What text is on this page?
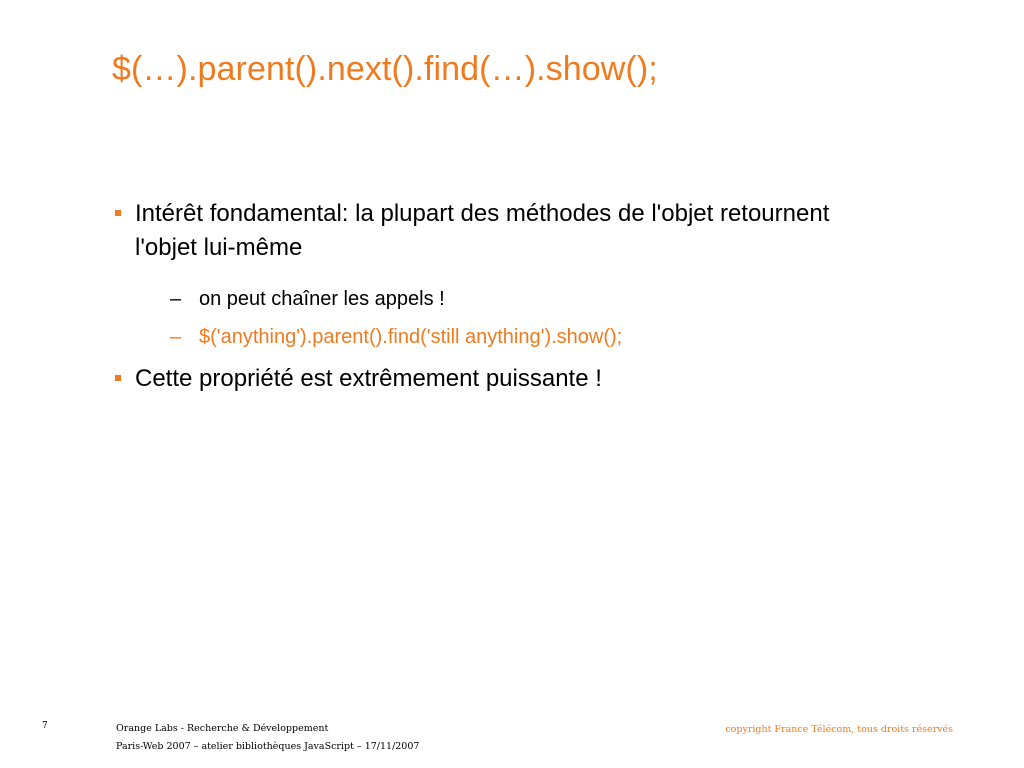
$(…).parent().next().find(…).show();
Intérêt fondamental: la plupart des méthodes de l'objet retournent l'objet lui-même
– on peut chaîner les appels !
– $('anything').parent().find('still anything').show();
Cette propriété est extrêmement puissante !
7	Orange Labs - Recherche & Développement
Paris-Web 2007 – atelier bibliothèques JavaScript – 17/11/2007
copyright France Télécom, tous droits réservés
